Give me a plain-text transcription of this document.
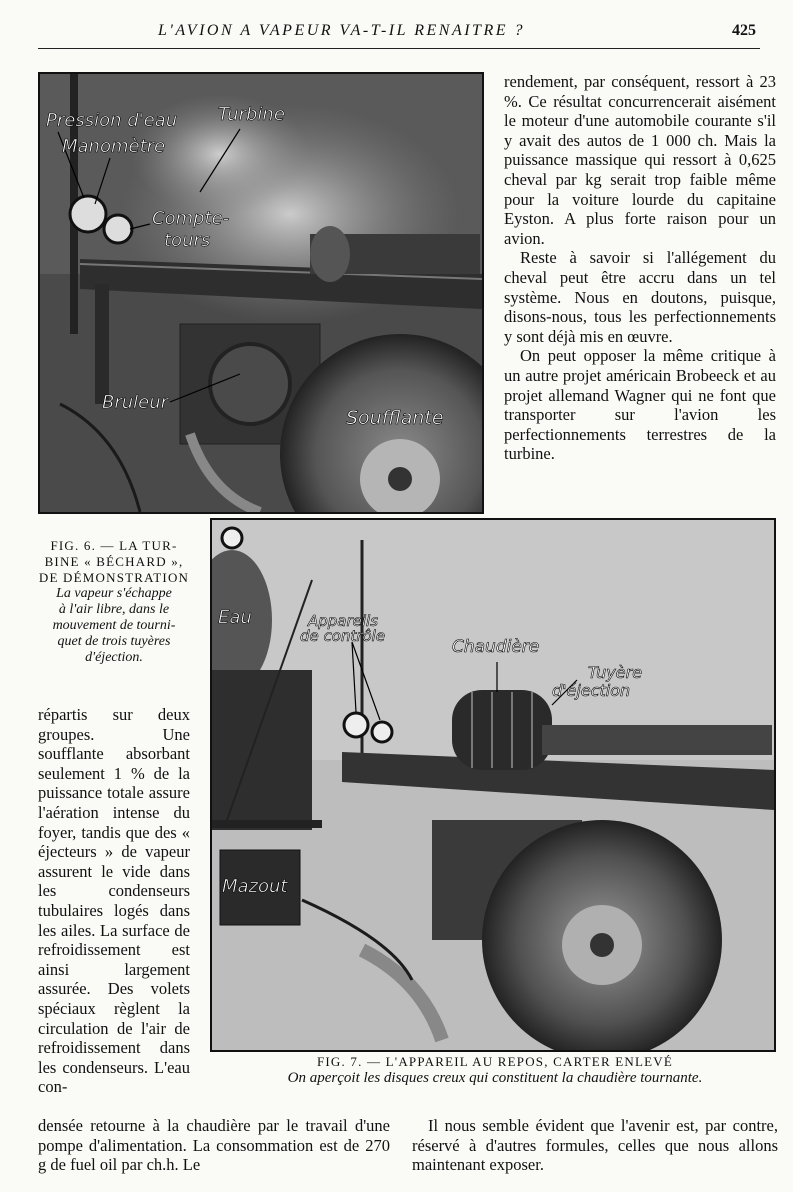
L'AVION A VAPEUR VA-T-IL RENAITRE ?	425
Pression d'eau
Manomètre
Turbine
Compte-
tours
Bruleur
Soufflante

rendement, par conséquent, ressort à 23 %. Ce résultat concurrencerait aisément le moteur d'une automobile courante s'il y avait des autos de 1 000 ch. Mais la puissance massique qui ressort à 0,625 cheval par kg serait trop faible même pour la voiture lourde du capitaine Eyston. A plus forte raison pour un avion.

Reste à savoir si l'allégement du cheval peut être accru dans un tel système. Nous en doutons, puisque, disons-nous, tous les perfectionnements y sont déjà mis en œuvre.

On peut opposer la même critique à un autre projet américain Brobeeck et au projet allemand Wagner qui ne font que transporter sur l'avion les perfectionnements terrestres de la turbine.

FIG. 6. — LA TUR-
BINE « BÉCHARD »,
DE DÉMONSTRATION
La vapeur s'échappe
à l'air libre, dans le
mouvement de tourni-
quet de trois tuyères
d'éjection.
Eau	Appareils
de contrôle
Chaudière
Tuyère
d'éjection
Mazout

répartis sur deux groupes. Une soufflante absorbant seulement 1 % de la puissance totale assure l'aération intense du foyer, tandis que des « éjecteurs » de vapeur assurent le vide dans les condenseurs tubulaires logés dans les ailes. La surface de refroidissement est ainsi largement assurée. Des volets spéciaux règlent la circulation de l'air de refroidissement dans les condenseurs. L'eau con-

FIG. 7. — L'APPAREIL AU REPOS, CARTER ENLEVÉ
On aperçoit les disques creux qui constituent la chaudière tournante.

densée retourne à la chaudière par le travail d'une pompe d'alimentation. La consommation est de 270 g de fuel oil par ch.h. Le

Il nous semble évident que l'avenir est, par contre, réservé à d'autres formules, celles que nous allons maintenant exposer.
